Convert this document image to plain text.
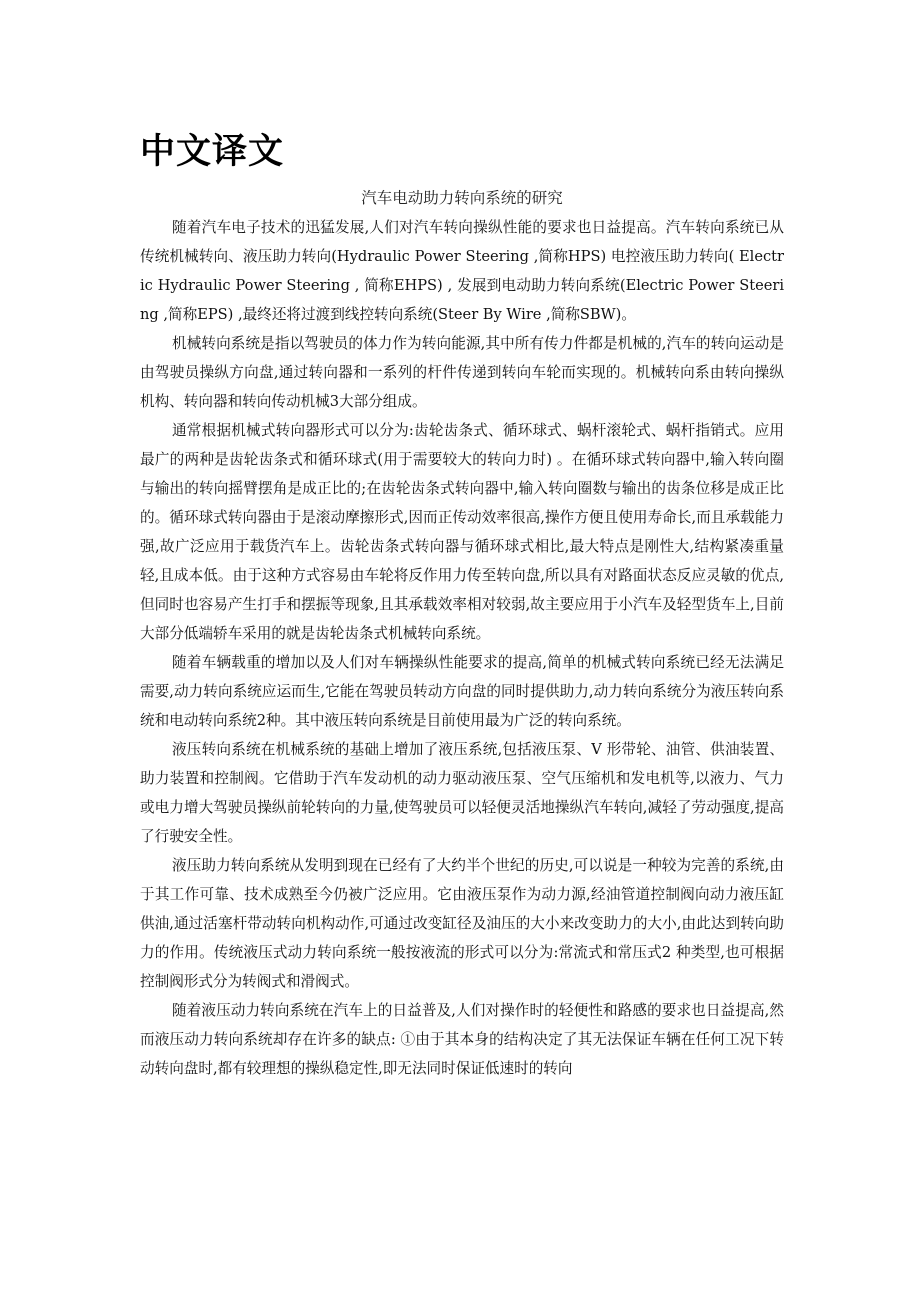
中文译文

汽车电动助力转向系统的研究

随着汽车电子技术的迅猛发展,人们对汽车转向操纵性能的要求也日益提高。汽车转向系统已从传统机械转向、液压助力转向(Hydraulic Power Steering ,简称HPS) 电控液压助力转向( Electric Hydraulic Power Steering , 简称EHPS) , 发展到电动助力转向系统(Electric Power Steering ,简称EPS) ,最终还将过渡到线控转向系统(Steer By Wire ,简称SBW)。

机械转向系统是指以驾驶员的体力作为转向能源,其中所有传力件都是机械的,汽车的转向运动是由驾驶员操纵方向盘,通过转向器和一系列的杆件传递到转向车轮而实现的。机械转向系由转向操纵机构、转向器和转向传动机械3大部分组成。

通常根据机械式转向器形式可以分为:齿轮齿条式、循环球式、蜗杆滚轮式、蜗杆指销式。应用最广的两种是齿轮齿条式和循环球式(用于需要较大的转向力时) 。在循环球式转向器中,输入转向圈与输出的转向摇臂摆角是成正比的;在齿轮齿条式转向器中,输入转向圈数与输出的齿条位移是成正比的。循环球式转向器由于是滚动摩擦形式,因而正传动效率很高,操作方便且使用寿命长,而且承载能力强,故广泛应用于载货汽车上。齿轮齿条式转向器与循环球式相比,最大特点是刚性大,结构紧凑重量轻,且成本低。由于这种方式容易由车轮将反作用力传至转向盘,所以具有对路面状态反应灵敏的优点,但同时也容易产生打手和摆振等现象,且其承载效率相对较弱,故主要应用于小汽车及轻型货车上,目前大部分低端轿车采用的就是齿轮齿条式机械转向系统。

随着车辆载重的增加以及人们对车辆操纵性能要求的提高,简单的机械式转向系统已经无法满足需要,动力转向系统应运而生,它能在驾驶员转动方向盘的同时提供助力,动力转向系统分为液压转向系统和电动转向系统2种。其中液压转向系统是目前使用最为广泛的转向系统。

液压转向系统在机械系统的基础上增加了液压系统,包括液压泵、V 形带轮、油管、供油装置、助力装置和控制阀。它借助于汽车发动机的动力驱动液压泵、空气压缩机和发电机等,以液力、气力或电力增大驾驶员操纵前轮转向的力量,使驾驶员可以轻便灵活地操纵汽车转向,减轻了劳动强度,提高了行驶安全性。

液压助力转向系统从发明到现在已经有了大约半个世纪的历史,可以说是一种较为完善的系统,由于其工作可靠、技术成熟至今仍被广泛应用。它由液压泵作为动力源,经油管道控制阀向动力液压缸供油,通过活塞杆带动转向机构动作,可通过改变缸径及油压的大小来改变助力的大小,由此达到转向助力的作用。传统液压式动力转向系统一般按液流的形式可以分为:常流式和常压式2 种类型,也可根据控制阀形式分为转阀式和滑阀式。

随着液压动力转向系统在汽车上的日益普及,人们对操作时的轻便性和路感的要求也日益提高,然而液压动力转向系统却存在许多的缺点: ①由于其本身的结构决定了其无法保证车辆在任何工况下转动转向盘时,都有较理想的操纵稳定性,即无法同时保证低速时的转向
